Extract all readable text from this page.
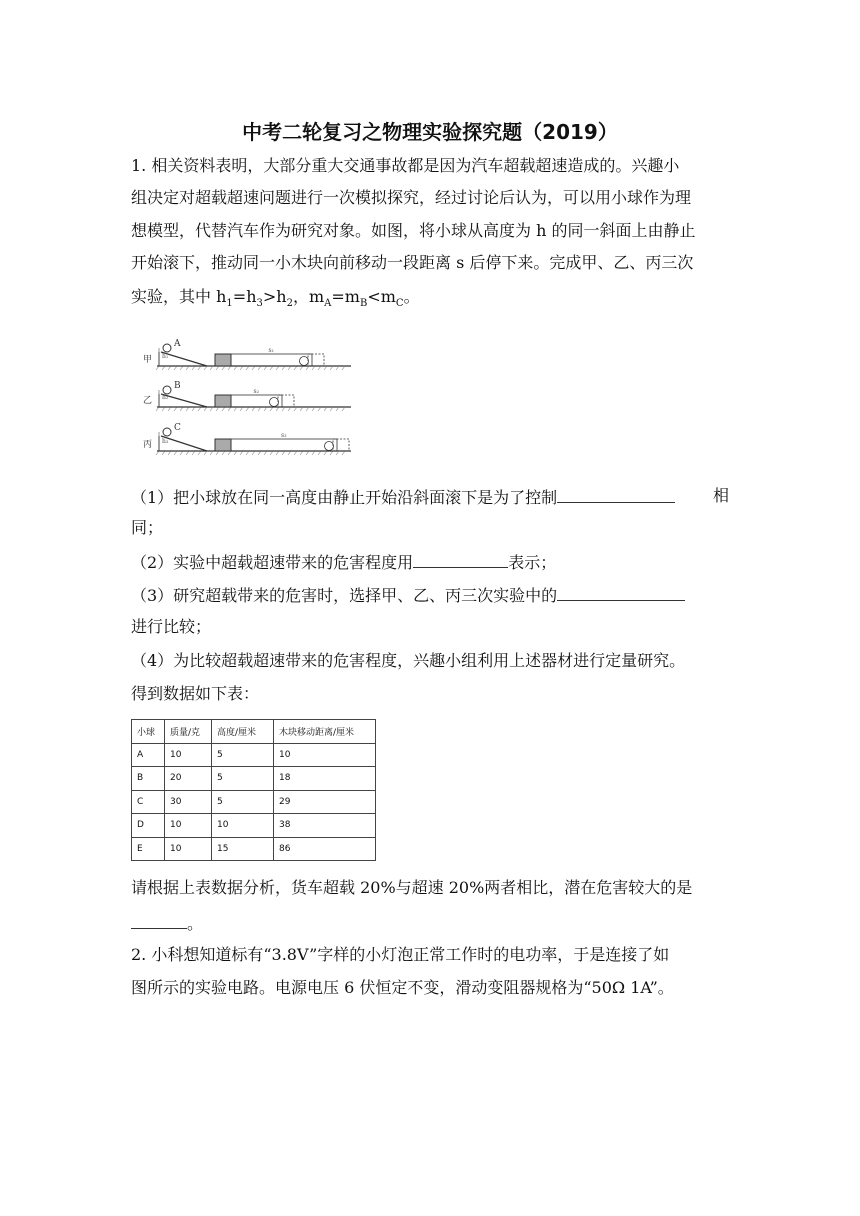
中考二轮复习之物理实验探究题（2019）
1. 相关资料表明，大部分重大交通事故都是因为汽车超载超速造成的。兴趣小
组决定对超载超速问题进行一次模拟探究，经过讨论后认为，可以用小球作为理
想模型，代替汽车作为研究对象。如图，将小球从高度为 h 的同一斜面上由静止
开始滚下，推动同一小木块向前移动一段距离 s 后停下来。完成甲、乙、丙三次
实验，其中 $h_1=h_3>h_2$，$m_A=m_B<m_C$。
甲
A
h₁
s₁
乙
B
h₂
s₂
丙
C
h₃
s₃
（1）把小球放在同一高度由静止开始沿斜面滚下是为了控制	相
同；
（2）实验中超载超速带来的危害程度用	表示；
（3）研究超载带来的危害时，选择甲、乙、丙三次实验中的
进行比较；
（4）为比较超载超速带来的危害程度，兴趣小组利用上述器材进行定量研究。
得到数据如下表：
小球	质量/克	高度/厘米	木块移动距离/厘米
A	10	5	10
B	20	5	18
C	30	5	29
D	10	10	38
E	10	15	86
请根据上表数据分析，货车超载 20%与超速 20%两者相比，潜在危害较大的是
。
2. 小科想知道标有“3.8V”字样的小灯泡正常工作时的电功率，于是连接了如
图所示的实验电路。电源电压 6 伏恒定不变，滑动变阻器规格为“50Ω 1A”。
